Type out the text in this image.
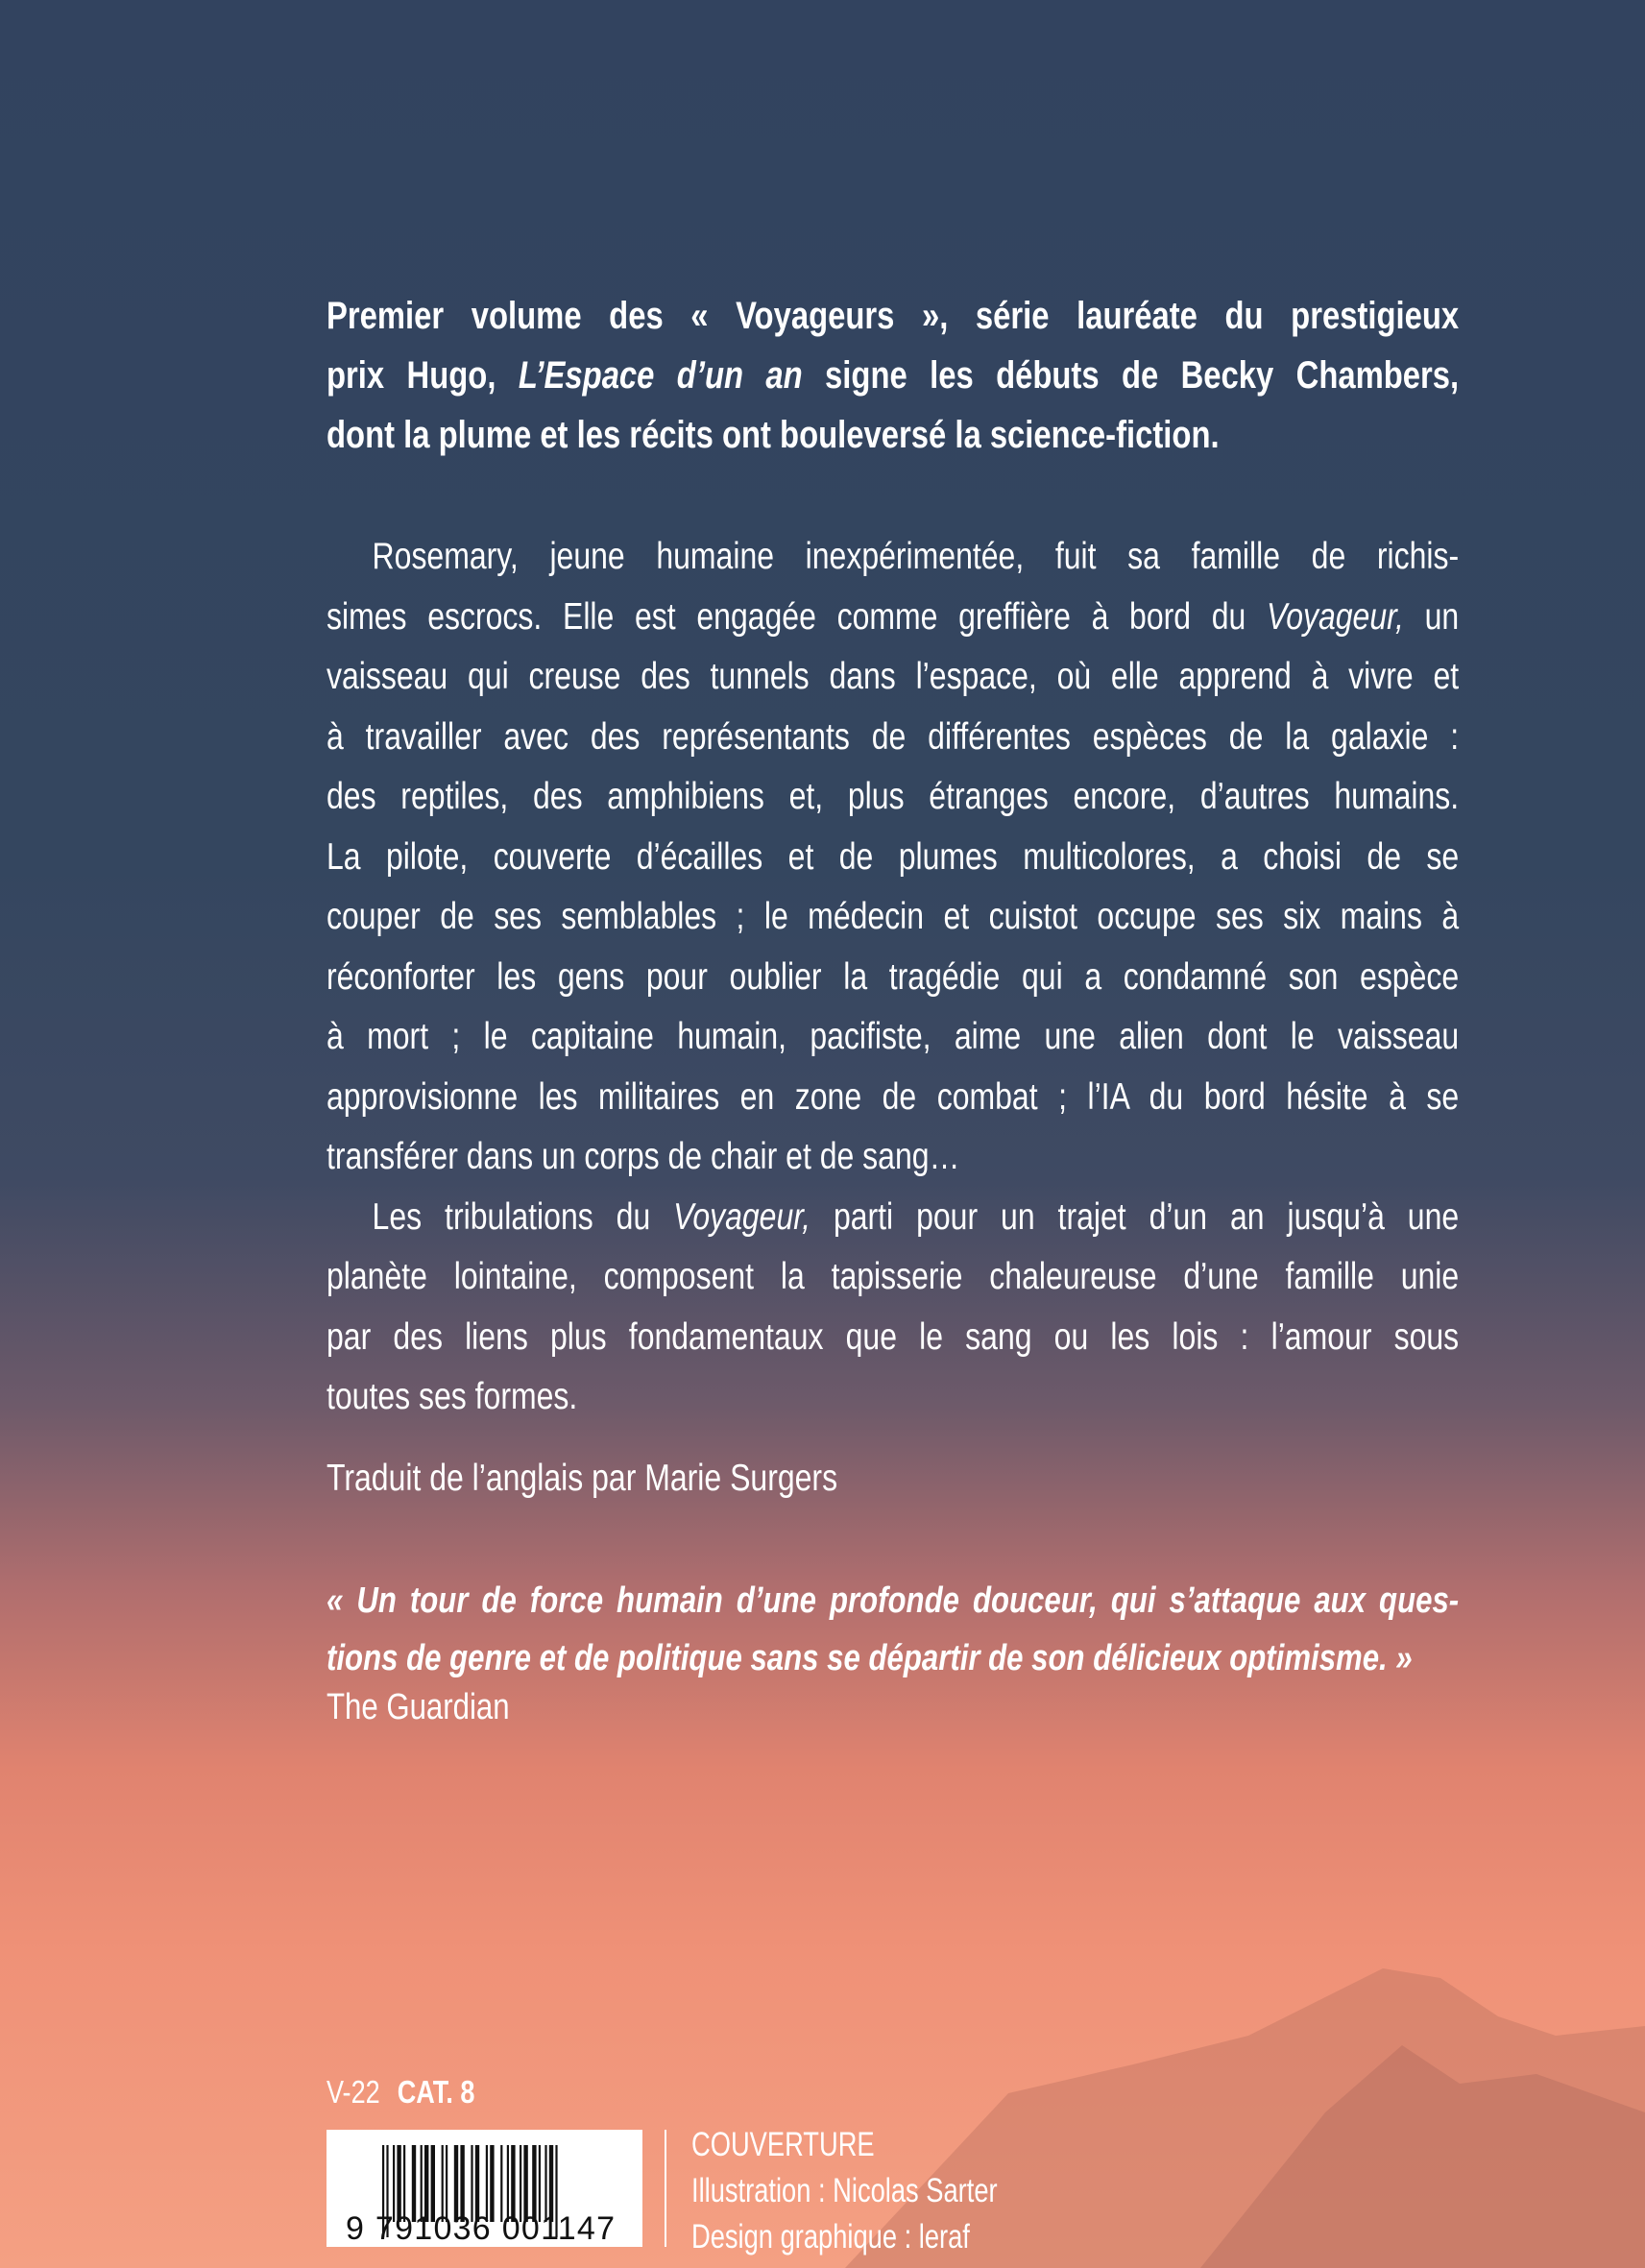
Premier volume des « Voyageurs », série lauréate du prestigieux
prix Hugo, L’Espace d’un an signe les débuts de Becky Chambers,
dont la plume et les récits ont bouleversé la science-fiction.
Rosemary, jeune humaine inexpérimentée, fuit sa famille de richis-
simes escrocs. Elle est engagée comme greffière à bord du Voyageur, un
vaisseau qui creuse des tunnels dans l’espace, où elle apprend à vivre et
à travailler avec des représentants de différentes espèces de la galaxie :
des reptiles, des amphibiens et, plus étranges encore, d’autres humains.
La pilote, couverte d’écailles et de plumes multicolores, a choisi de se
couper de ses semblables ; le médecin et cuistot occupe ses six mains à
réconforter les gens pour oublier la tragédie qui a condamné son espèce
à mort ; le capitaine humain, pacifiste, aime une alien dont le vaisseau
approvisionne les militaires en zone de combat ; l’IA du bord hésite à se
transférer dans un corps de chair et de sang…
Les tribulations du Voyageur, parti pour un trajet d’un an jusqu’à une
planète lointaine, composent la tapisserie chaleureuse d’une famille unie
par des liens plus fondamentaux que le sang ou les lois : l’amour sous
toutes ses formes.
Traduit de l’anglais par Marie Surgers
« Un tour de force humain d’une profonde douceur, qui s’attaque aux ques-
tions de genre et de politique sans se départir de son délicieux optimisme. »
The Guardian
V-22 CAT. 8
9 791036 001147
COUVERTURE
Illustration : Nicolas Sarter
Design graphique : leraf
